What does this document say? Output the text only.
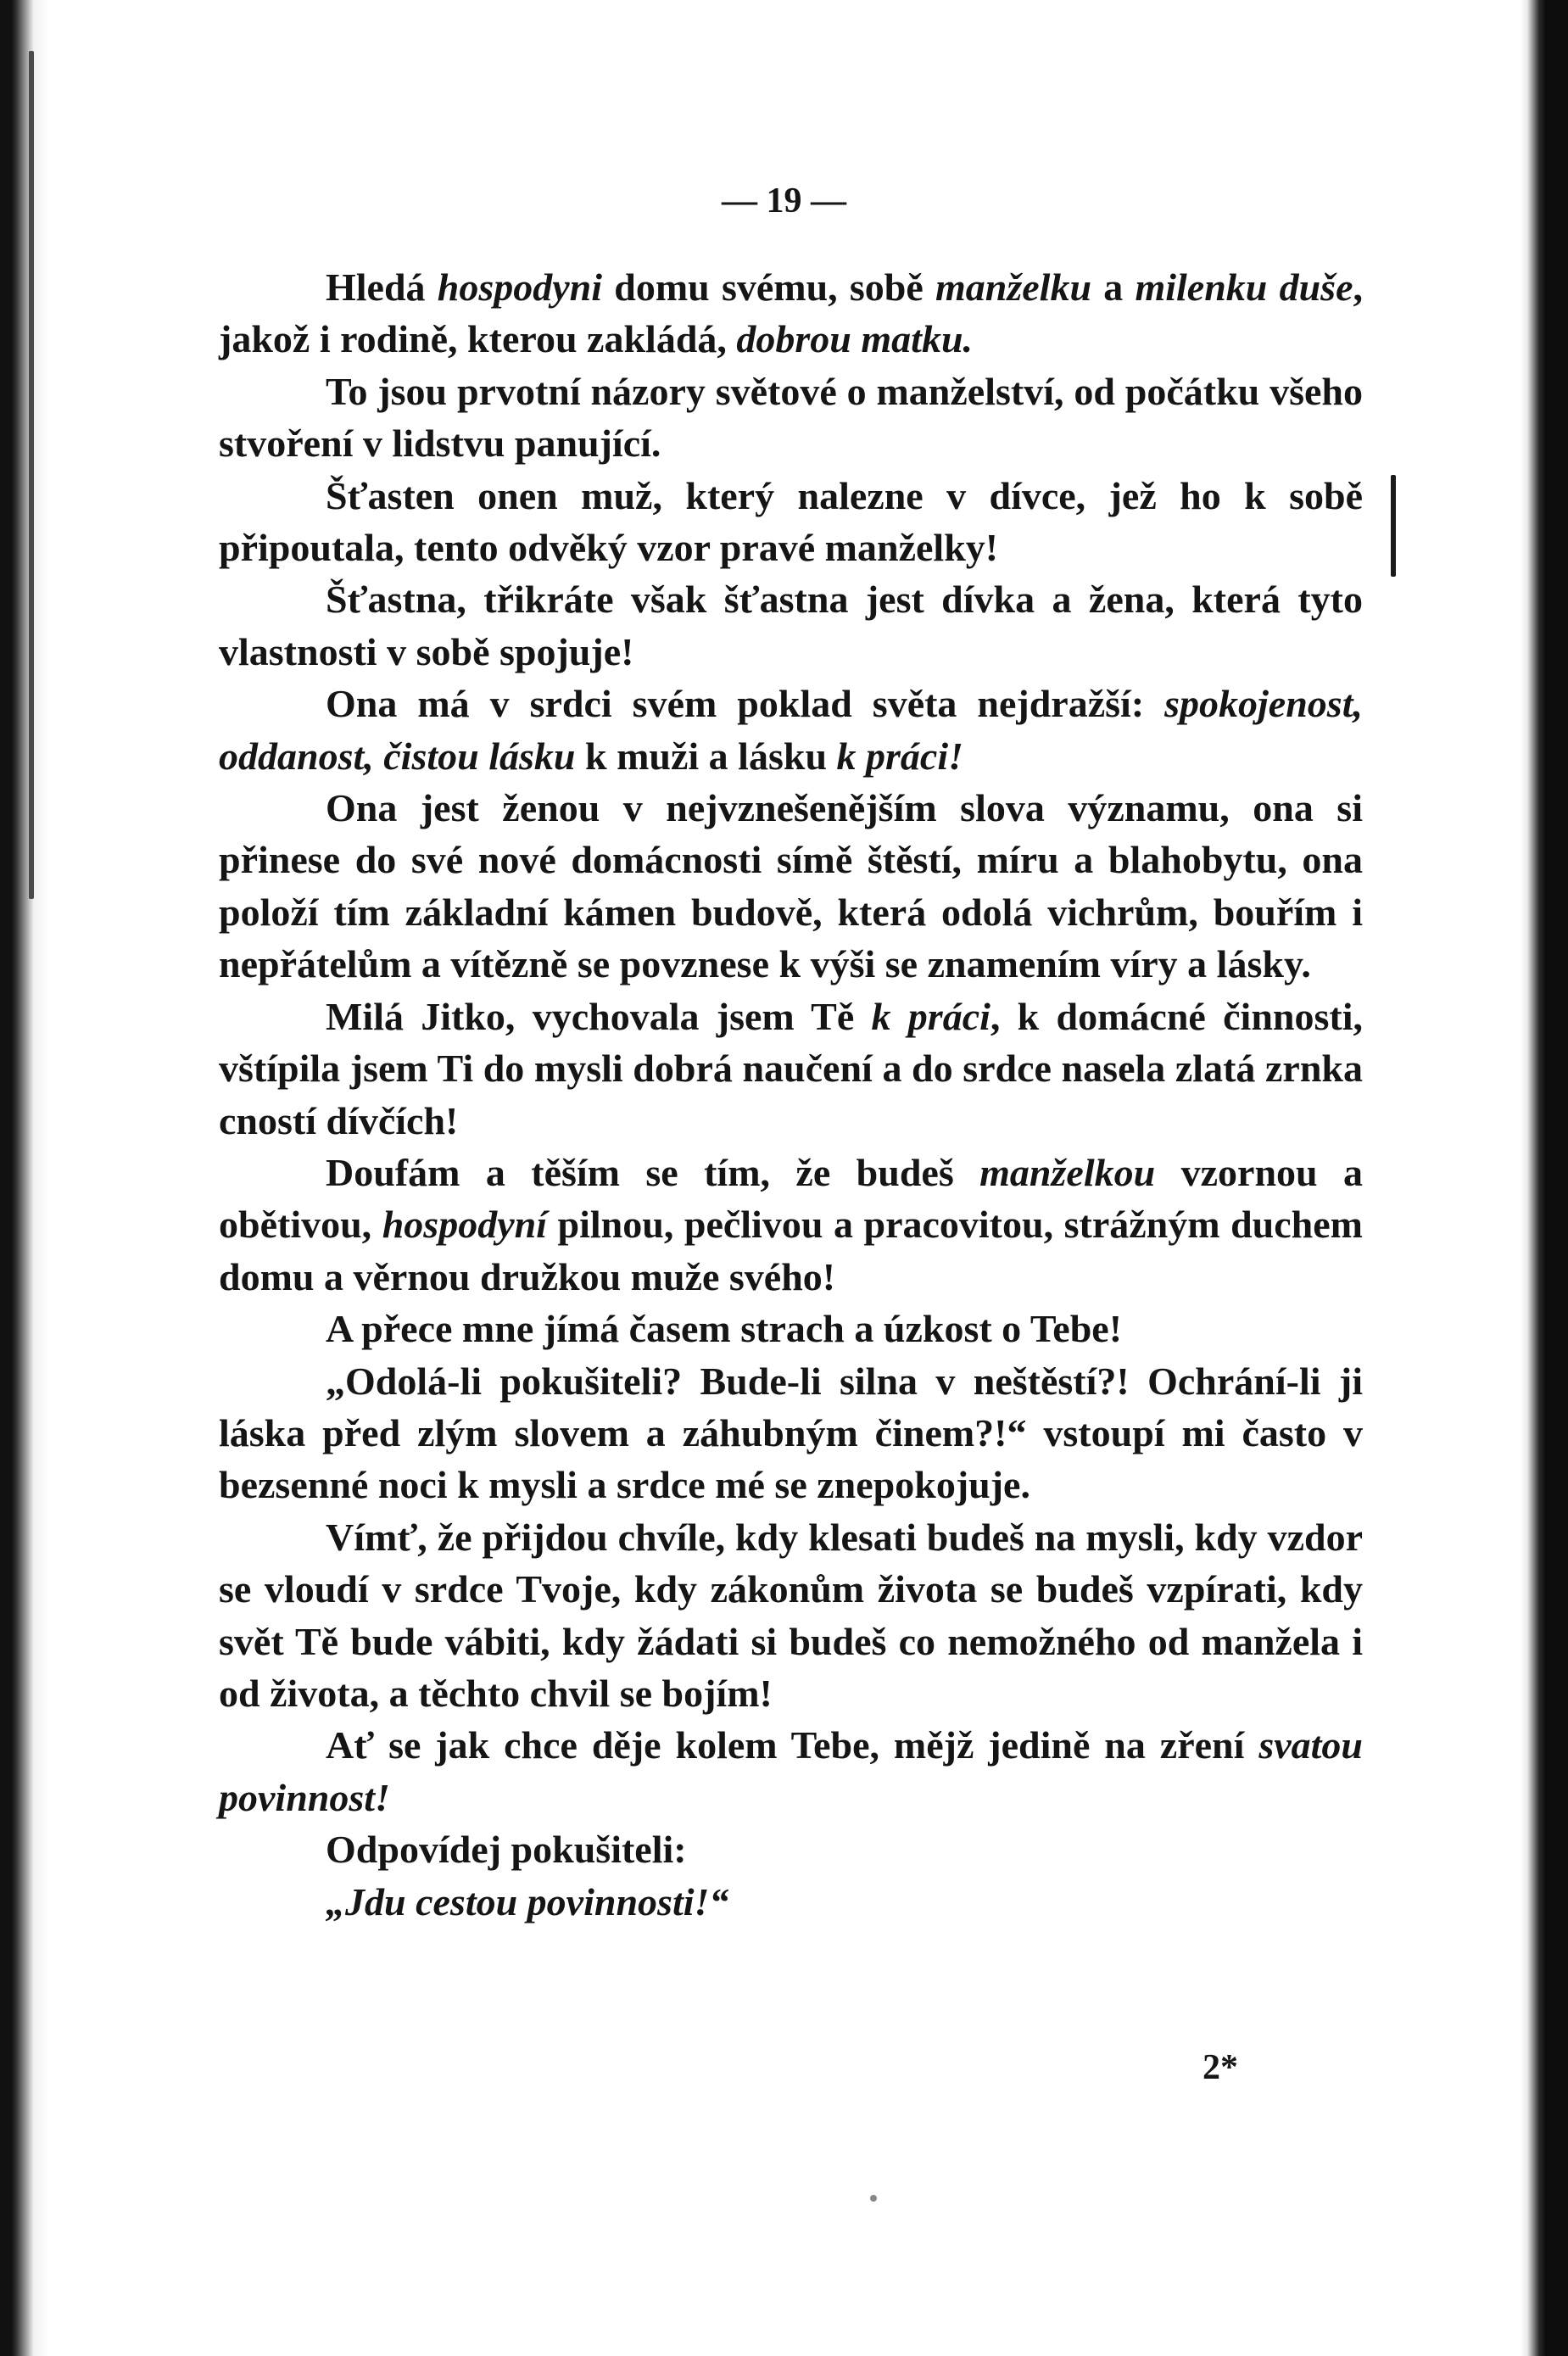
— 19 —

Hledá hospodyni domu svému, sobě manželku a milenku duše, jakož i rodině, kterou zakládá, dobrou matku.

To jsou prvotní názory světové o manželství, od počátku všeho stvoření v lidstvu panující.

Šťasten onen muž, který nalezne v dívce, jež ho k sobě připoutala, tento odvěký vzor pravé manželky!

Šťastna, třikráte však šťastna jest dívka a žena, která tyto vlastnosti v sobě spojuje!

Ona má v srdci svém poklad světa nejdražší: spokojenost, oddanost, čistou lásku k muži a lásku k práci!

Ona jest ženou v nejvznešenějším slova významu, ona si přinese do své nové domácnosti símě štěstí, míru a blahobytu, ona položí tím základní kámen budově, která odolá vichrům, bouřím i nepřátelům a vítězně se povznese k výši se znamením víry a lásky.

Milá Jitko, vychovala jsem Tě k práci, k domácné činnosti, vštípila jsem Ti do mysli dobrá naučení a do srdce nasela zlatá zrnka cností dívčích!

Doufám a těším se tím, že budeš manželkou vzornou a obětivou, hospodyní pilnou, pečlivou a pracovitou, strážným duchem domu a věrnou družkou muže svého!

A přece mne jímá časem strach a úzkost o Tebe!

„Odolá-li pokušiteli? Bude-li silna v neštěstí?! Ochrání-li ji láska před zlým slovem a záhubným činem?!“ vstoupí mi často v bezsenné noci k mysli a srdce mé se znepokojuje.

Vímť, že přijdou chvíle, kdy klesati budeš na mysli, kdy vzdor se vloudí v srdce Tvoje, kdy zákonům života se budeš vzpírati, kdy svět Tě bude vábiti, kdy žádati si budeš co nemožného od manžela i od života, a těchto chvil se bojím!

Ať se jak chce děje kolem Tebe, mějž jedině na zření svatou povinnost!

Odpovídej pokušiteli:

„Jdu cestou povinnosti!“

2*
